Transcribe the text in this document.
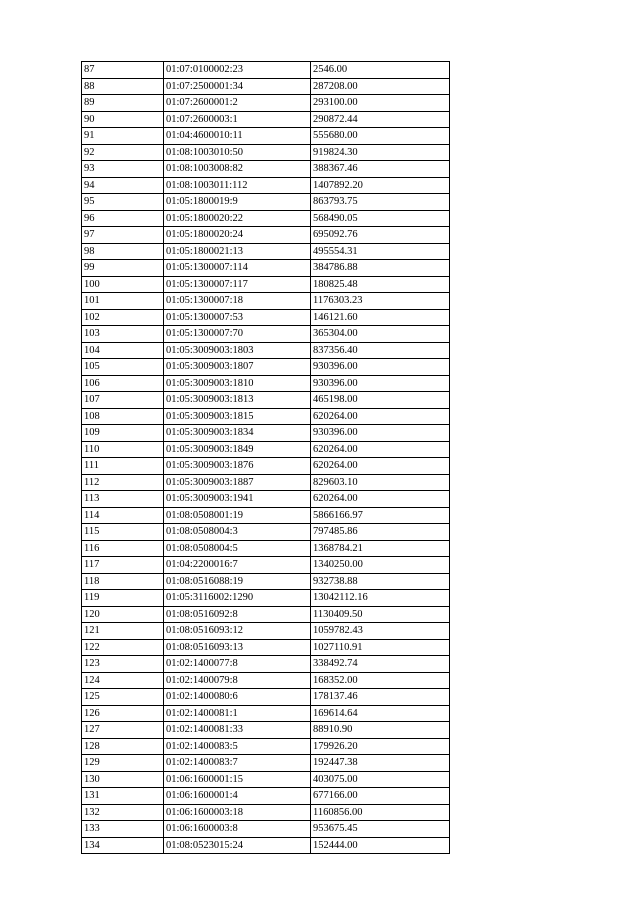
87	01:07:0100002:23	2546.00
88	01:07:2500001:34	287208.00
89	01:07:2600001:2	293100.00
90	01:07:2600003:1	290872.44
91	01:04:4600010:11	555680.00
92	01:08:1003010:50	919824.30
93	01:08:1003008:82	388367.46
94	01:08:1003011:112	1407892.20
95	01:05:1800019:9	863793.75
96	01:05:1800020:22	568490.05
97	01:05:1800020:24	695092.76
98	01:05:1800021:13	495554.31
99	01:05:1300007:114	384786.88
100	01:05:1300007:117	180825.48
101	01:05:1300007:18	1176303.23
102	01:05:1300007:53	146121.60
103	01:05:1300007:70	365304.00
104	01:05:3009003:1803	837356.40
105	01:05:3009003:1807	930396.00
106	01:05:3009003:1810	930396.00
107	01:05:3009003:1813	465198.00
108	01:05:3009003:1815	620264.00
109	01:05:3009003:1834	930396.00
110	01:05:3009003:1849	620264.00
111	01:05:3009003:1876	620264.00
112	01:05:3009003:1887	829603.10
113	01:05:3009003:1941	620264.00
114	01:08:0508001:19	5866166.97
115	01:08:0508004:3	797485.86
116	01:08:0508004:5	1368784.21
117	01:04:2200016:7	1340250.00
118	01:08:0516088:19	932738.88
119	01:05:3116002:1290	13042112.16
120	01:08:0516092:8	1130409.50
121	01:08:0516093:12	1059782.43
122	01:08:0516093:13	1027110.91
123	01:02:1400077:8	338492.74
124	01:02:1400079:8	168352.00
125	01:02:1400080:6	178137.46
126	01:02:1400081:1	169614.64
127	01:02:1400081:33	88910.90
128	01:02:1400083:5	179926.20
129	01:02:1400083:7	192447.38
130	01:06:1600001:15	403075.00
131	01:06:1600001:4	677166.00
132	01:06:1600003:18	1160856.00
133	01:06:1600003:8	953675.45
134	01:08:0523015:24	152444.00
